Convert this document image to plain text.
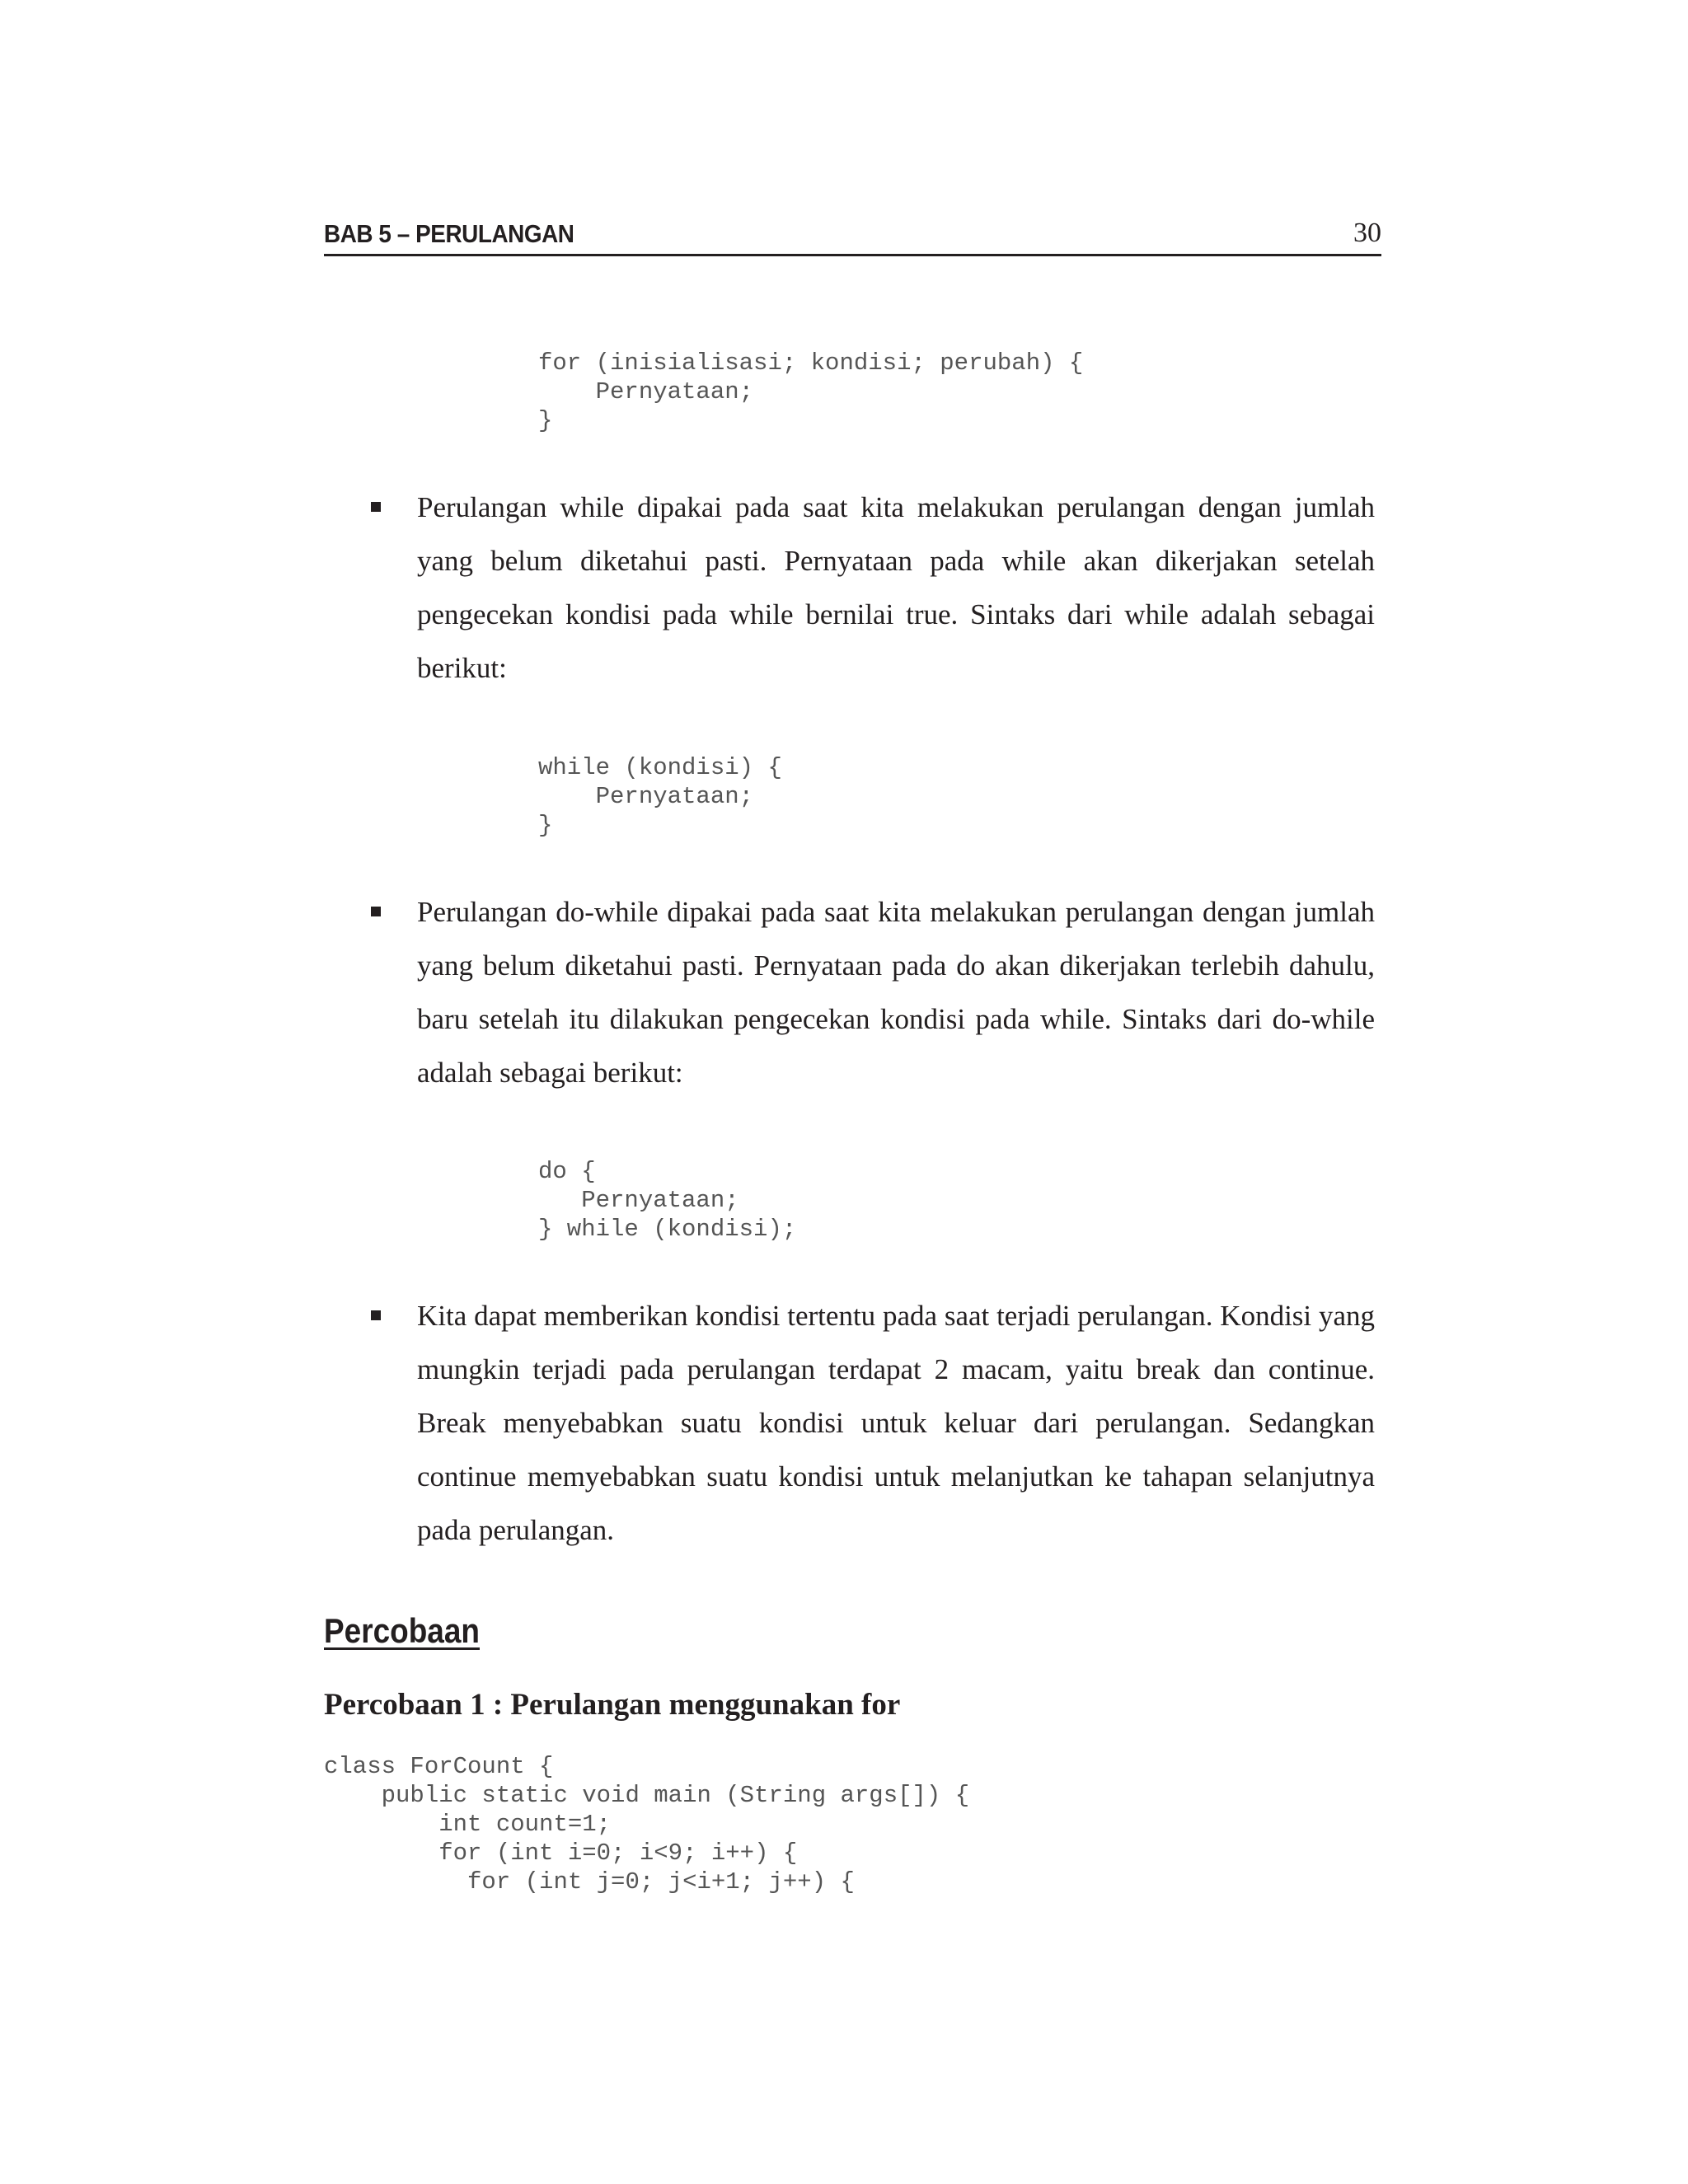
BAB 5 – PERULANGAN	30
for (inisialisasi; kondisi; perubah) {
Pernyataan;
}
Perulangan while dipakai pada saat kita melakukan perulangan dengan jumlah yang belum diketahui pasti. Pernyataan pada while akan dikerjakan setelah pengecekan kondisi pada while bernilai true. Sintaks dari while adalah sebagai berikut:
while (kondisi) {
Pernyataan;
}
Perulangan do-while dipakai pada saat kita melakukan perulangan dengan jumlah yang belum diketahui pasti. Pernyataan pada do akan dikerjakan terlebih dahulu, baru setelah itu dilakukan pengecekan kondisi pada while. Sintaks dari do-while adalah sebagai berikut:
do {
Pernyataan;
} while (kondisi);
Kita dapat memberikan kondisi tertentu pada saat terjadi perulangan. Kondisi yang mungkin terjadi pada perulangan terdapat 2 macam, yaitu break dan continue. Break menyebabkan suatu kondisi untuk keluar dari perulangan. Sedangkan continue memyebabkan suatu kondisi untuk melanjutkan ke tahapan selanjutnya pada perulangan.
Percobaan
Percobaan 1 : Perulangan menggunakan for
class ForCount {
public static void main (String args[]) {
int count=1;
for (int i=0; i<9; i++) {
for (int j=0; j<i+1; j++) {
